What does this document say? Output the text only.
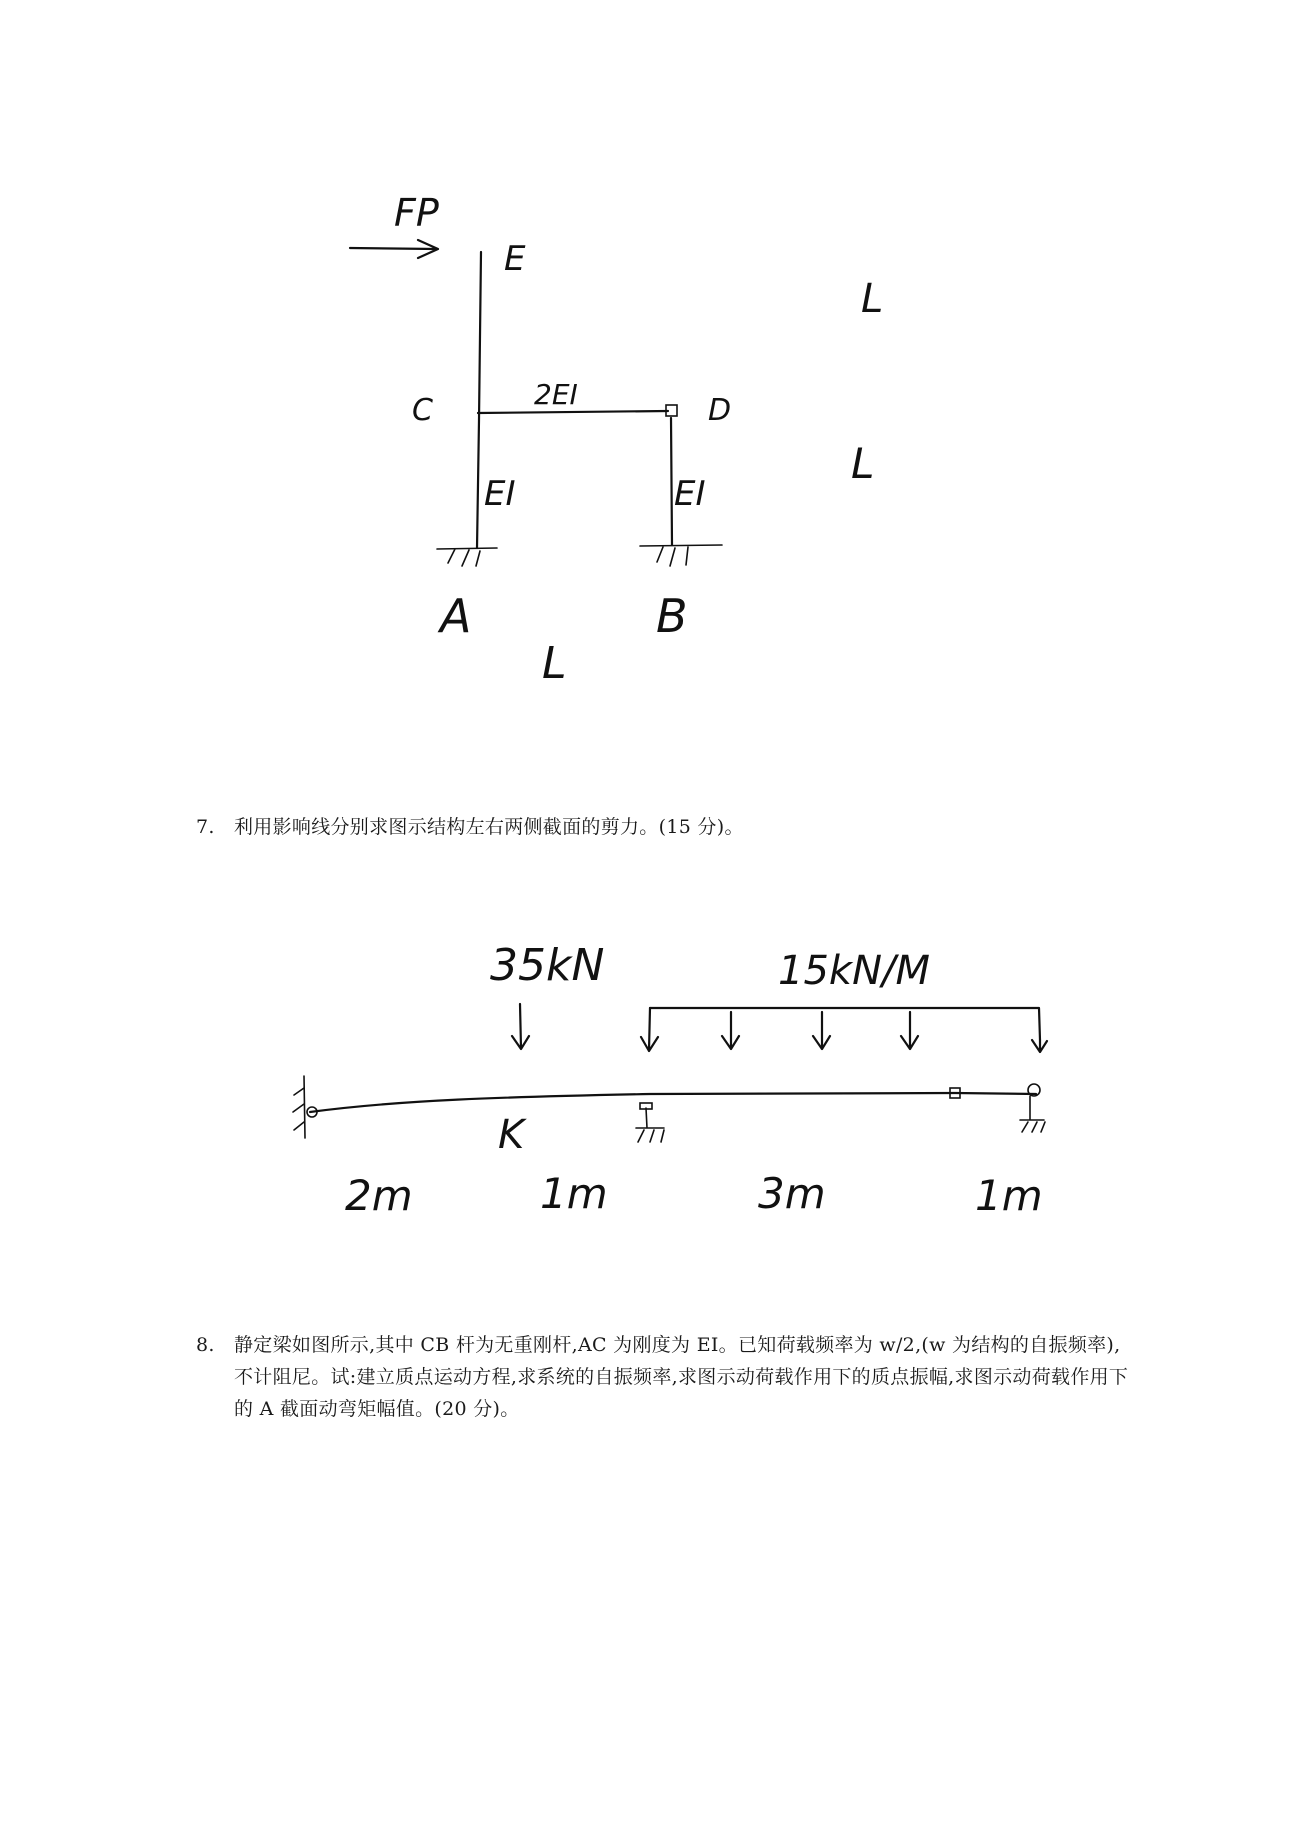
FP
E
C	D
2EI
EI	EI
A	B
L
L
L
7. 利用影响线分别求图示结构左右两侧截面的剪力。(15 分)。
35kN	15kN/M
K
2m	1m	3m	1m
8. 静定梁如图所示,其中 CB 杆为无重刚杆,AC 为刚度为 EI。已知荷载频率为 w/2,(w 为结构的自振频率),不计阻尼。试:建立质点运动方程,求系统的自振频率,求图示动荷载作用下的质点振幅,求图示动荷载作用下的 A 截面动弯矩幅值。(20 分)。
